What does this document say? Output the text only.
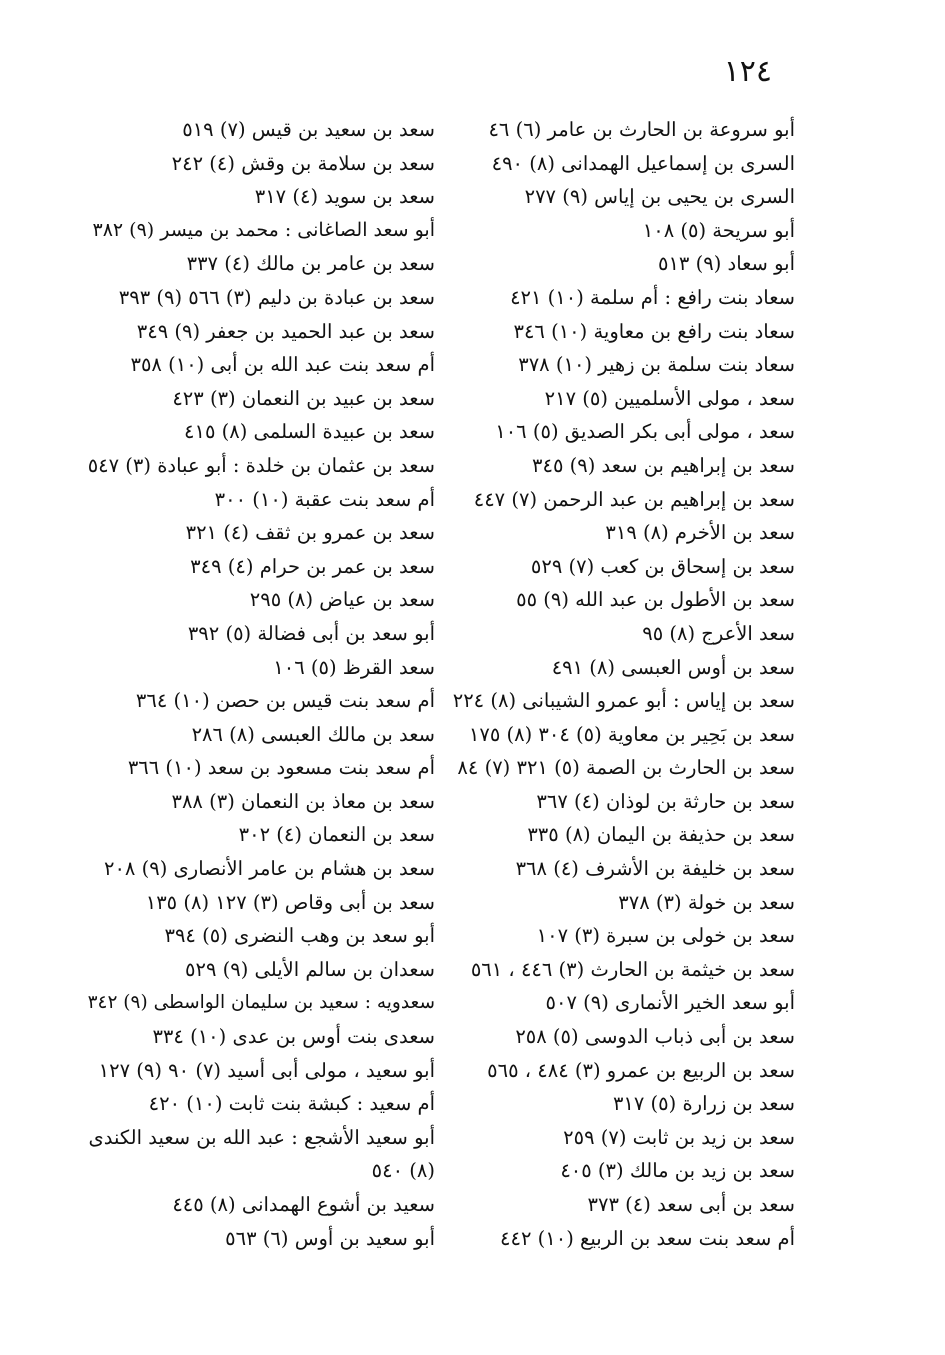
١٢٤
أبو سروعة بن الحارث بن عامر (٦) ٤٦
السرى بن إسماعيل الهمدانى (٨) ٤٩٠
السرى بن يحيى بن إياس (٩) ٢٧٧
أبو سريحة (٥) ١٠٨
أبو سعاد (٩) ٥١٣
سعاد بنت رافع : أم سلمة (١٠) ٤٢١
سعاد بنت رافع بن معاوية (١٠) ٣٤٦
سعاد بنت سلمة بن زهير (١٠) ٣٧٨
سعد ، مولى الأسلميين (٥) ٢١٧
سعد ، مولى أبى بكر الصديق (٥) ١٠٦
سعد بن إبراهيم بن سعد (٩) ٣٤٥
سعد بن إبراهيم بن عبد الرحمن (٧) ٤٤٧
سعد بن الأخرم (٨) ٣١٩
سعد بن إسحاق بن كعب (٧) ٥٢٩
سعد بن الأطول بن عبد الله (٩) ٥٥
سعد الأعرج (٨) ٩٥
سعد بن أوس العبسى (٨) ٤٩١
سعد بن إياس : أبو عمرو الشيبانى (٨) ٢٢٤
سعد بن بَحِير بن معاوية (٥) ٣٠٤ (٨) ١٧٥
سعد بن الحارث بن الصمة (٥) ٣٢١ (٧) ٨٤
سعد بن حارثة بن لوذان (٤) ٣٦٧
سعد بن حذيفة بن اليمان (٨) ٣٣٥
سعد بن خليفة بن الأشرف (٤) ٣٦٨
سعد بن خولة (٣) ٣٧٨
سعد بن خولى بن سبرة (٣) ١٠٧
سعد بن خيثمة بن الحارث (٣) ٤٤٦ ، ٥٦١
أبو سعد الخير الأنمارى (٩) ٥٠٧
سعد بن أبى ذباب الدوسى (٥) ٢٥٨
سعد بن الربيع بن عمرو (٣) ٤٨٤ ، ٥٦٥
سعد بن زرارة (٥) ٣١٧
سعد بن زيد بن ثابت (٧) ٢٥٩
سعد بن زيد بن مالك (٣) ٤٠٥
سعد بن أبى سعد (٤) ٣٧٣
أم سعد بنت سعد بن الربيع (١٠) ٤٤٢
سعد بن سعيد بن قيس (٧) ٥١٩
سعد بن سلامة بن وقش (٤) ٢٤٢
سعد بن سويد (٤) ٣١٧
أبو سعد الصاغانى : محمد بن ميسر (٩) ٣٨٢
سعد بن عامر بن مالك (٤) ٣٣٧
سعد بن عبادة بن دليم (٣) ٥٦٦ (٩) ٣٩٣
سعد بن عبد الحميد بن جعفر (٩) ٣٤٩
أم سعد بنت عبد الله بن أبى (١٠) ٣٥٨
سعد بن عبيد بن النعمان (٣) ٤٢٣
سعد بن عبيدة السلمى (٨) ٤١٥
سعد بن عثمان بن خلدة : أبو عبادة (٣) ٥٤٧
أم سعد بنت عقبة (١٠) ٣٠٠
سعد بن عمرو بن ثقف (٤) ٣٢١
سعد بن عمر بن حرام (٤) ٣٤٩
سعد بن عياض (٨) ٢٩٥
أبو سعد بن أبى فضالة (٥) ٣٩٢
سعد القرظ (٥) ١٠٦
أم سعد بنت قيس بن حصن (١٠) ٣٦٤
سعد بن مالك العبسى (٨) ٢٨٦
أم سعد بنت مسعود بن سعد (١٠) ٣٦٦
سعد بن معاذ بن النعمان (٣) ٣٨٨
سعد بن النعمان (٤) ٣٠٢
سعد بن هشام بن عامر الأنصارى (٩) ٢٠٨
سعد بن أبى وقاص (٣) ١٢٧ (٨) ١٣٥
أبو سعد بن وهب النضرى (٥) ٣٩٤
سعدان بن سالم الأيلى (٩) ٥٢٩
سعدويه : سعيد بن سليمان الواسطى (٩) ٣٤٢
سعدى بنت أوس بن عدى (١٠) ٣٣٤
أبو سعيد ، مولى أبى أسيد (٧) ٩٠ (٩) ١٢٧
أم سعيد : كبشة بنت ثابت (١٠) ٤٢٠
أبو سعيد الأشجع : عبد الله بن سعيد الكندى (٨) ٥٤٠
سعيد بن أشوع الهمدانى (٨) ٤٤٥
أبو سعيد بن أوس (٦) ٥٦٣
